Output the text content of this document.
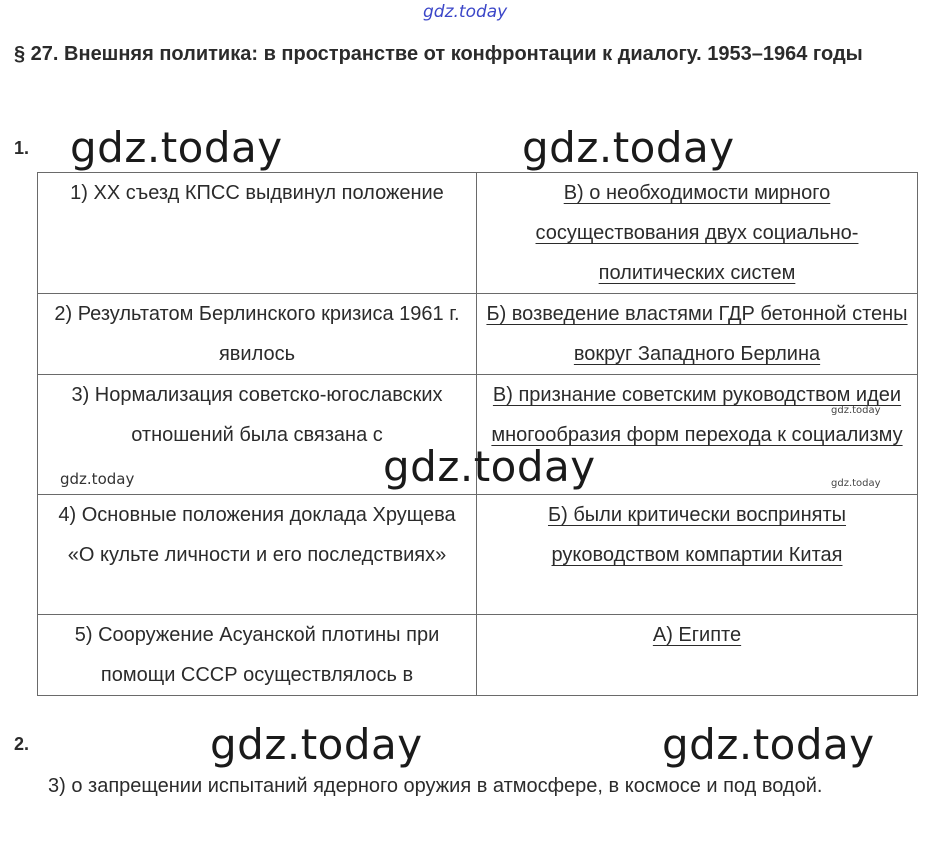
gdz.today
§ 27. Внешняя политика: в пространстве от конфронтации к диалогу. 1953–1964 годы
1. gdz.today	gdz.today
1) XX съезд КПСС выдвинул положение	В) о необходимости мирного сосуществования двух социально-политических систем
2) Результатом Берлинского кризиса 1961 г. явилось	Б) возведение властями ГДР бетонной стены вокруг Западного Берлина
3) Нормализация советско-югославских отношений была связана с	В) признание советским руководством идеи многообразия форм перехода к социализму
4) Основные положения доклада Хрущева «О культе личности и его последствиях»	Б) были критически восприняты руководством компартии Китая
5) Сооружение Асуанской плотины при помощи СССР осуществлялось в	А) Египте
gdz.today	gdz.today
gdz.today
gdz.today
2.	gdz.today	gdz.today
3) о запрещении испытаний ядерного оружия в атмосфере, в космосе и под водой.
